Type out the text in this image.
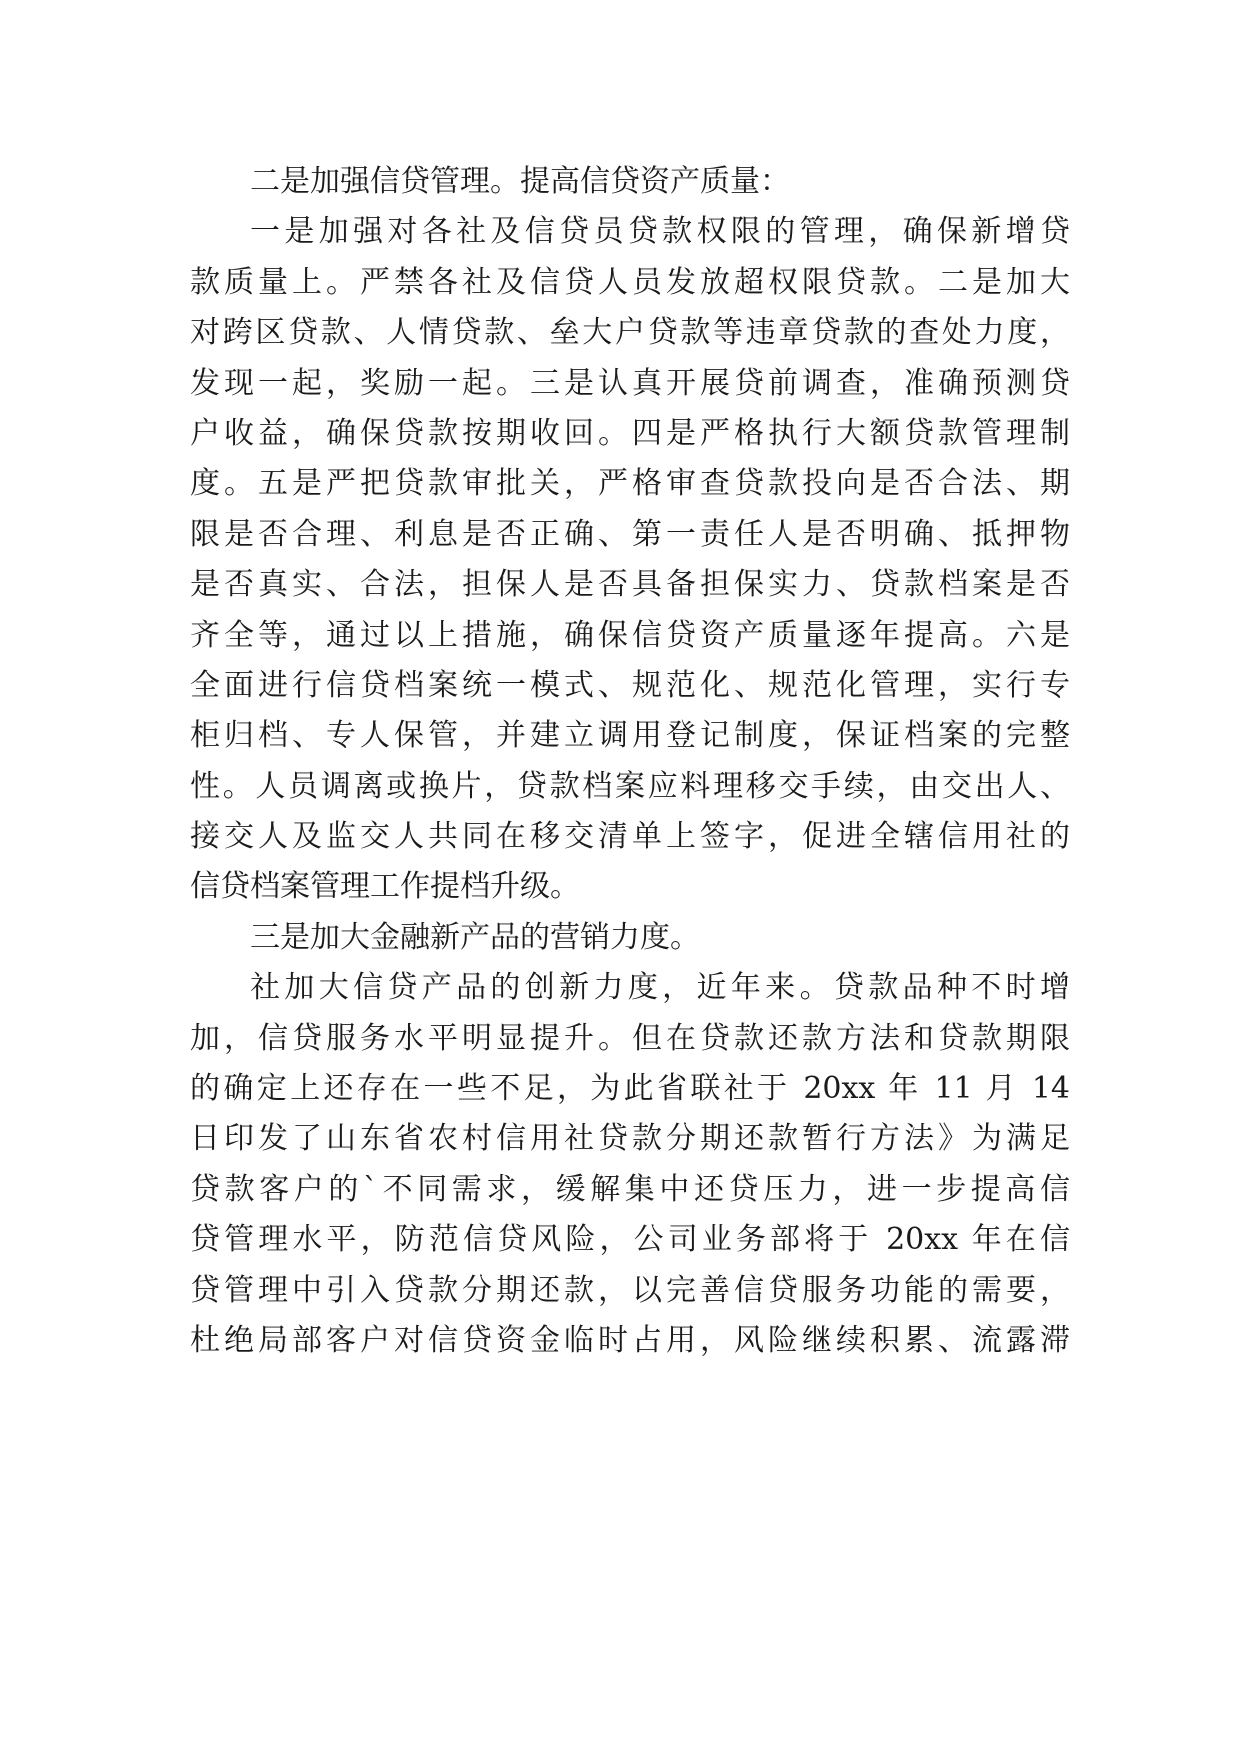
二是加强信贷管理。提高信贷资产质量：
一是加强对各社及信贷员贷款权限的管理，确保新增贷
款质量上。严禁各社及信贷人员发放超权限贷款。二是加大
对跨区贷款、人情贷款、垒大户贷款等违章贷款的查处力度，
发现一起，奖励一起。三是认真开展贷前调查，准确预测贷
户收益，确保贷款按期收回。四是严格执行大额贷款管理制
度。五是严把贷款审批关，严格审查贷款投向是否合法、期
限是否合理、利息是否正确、第一责任人是否明确、抵押物
是否真实、合法，担保人是否具备担保实力、贷款档案是否
齐全等，通过以上措施，确保信贷资产质量逐年提高。六是
全面进行信贷档案统一模式、规范化、规范化管理，实行专
柜归档、专人保管，并建立调用登记制度，保证档案的完整
性。人员调离或换片，贷款档案应料理移交手续，由交出人、
接交人及监交人共同在移交清单上签字，促进全辖信用社的
信贷档案管理工作提档升级。
三是加大金融新产品的营销力度。
社加大信贷产品的创新力度，近年来。贷款品种不时增
加，信贷服务水平明显提升。但在贷款还款方法和贷款期限
的确定上还存在一些不足，为此省联社于 20xx 年 11 月 14
日印发了山东省农村信用社贷款分期还款暂行方法》为满足
贷款客户的`不同需求，缓解集中还贷压力，进一步提高信
贷管理水平，防范信贷风险，公司业务部将于 20xx 年在信
贷管理中引入贷款分期还款，以完善信贷服务功能的需要，
杜绝局部客户对信贷资金临时占用，风险继续积累、流露滞
